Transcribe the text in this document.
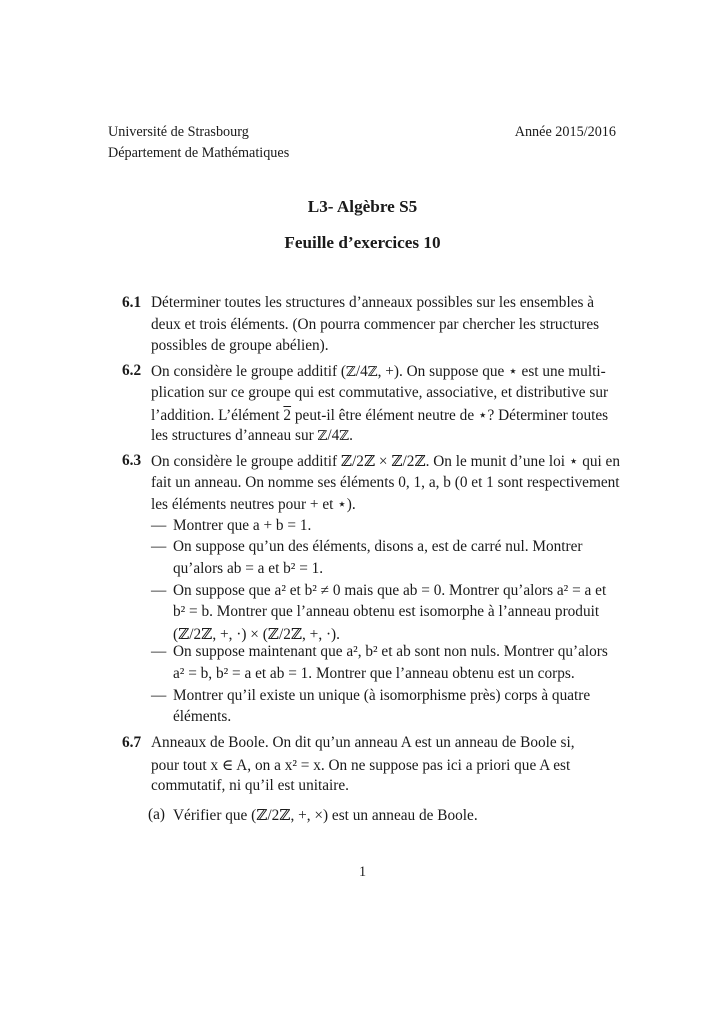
Université de Strasbourg
Département de Mathématiques
Année 2015/2016
L3- Algèbre S5
Feuille d’exercices 10
6.1 Déterminer toutes les structures d’anneaux possibles sur les ensembles à
deux et trois éléments. (On pourra commencer par chercher les structures
possibles de groupe abélien).
6.2 On considère le groupe additif (ℤ/4ℤ, +). On suppose que ⋆ est une multi-
plication sur ce groupe qui est commutative, associative, et distributive sur
l’addition. L’élément 2 peut-il être élément neutre de ⋆? Déterminer toutes
les structures d’anneau sur ℤ/4ℤ.
6.3 On considère le groupe additif ℤ/2ℤ × ℤ/2ℤ. On le munit d’une loi ⋆ qui en
fait un anneau. On nomme ses éléments 0, 1, a, b (0 et 1 sont respectivement
les éléments neutres pour + et ⋆).
— Montrer que a + b = 1.
— On suppose qu’un des éléments, disons a, est de carré nul. Montrer
qu’alors ab = a et b² = 1.
— On suppose que a² et b² ≠ 0 mais que ab = 0. Montrer qu’alors a² = a et
b² = b. Montrer que l’anneau obtenu est isomorphe à l’anneau produit
(ℤ/2ℤ, +, ·) × (ℤ/2ℤ, +, ·).
— On suppose maintenant que a², b² et ab sont non nuls. Montrer qu’alors
a² = b, b² = a et ab = 1. Montrer que l’anneau obtenu est un corps.
— Montrer qu’il existe un unique (à isomorphisme près) corps à quatre
éléments.
6.7 Anneaux de Boole. On dit qu’un anneau A est un anneau de Boole si,
pour tout x ∈ A, on a x² = x. On ne suppose pas ici a priori que A est
commutatif, ni qu’il est unitaire.
(a) Vérifier que (ℤ/2ℤ, +, ×) est un anneau de Boole.
1
